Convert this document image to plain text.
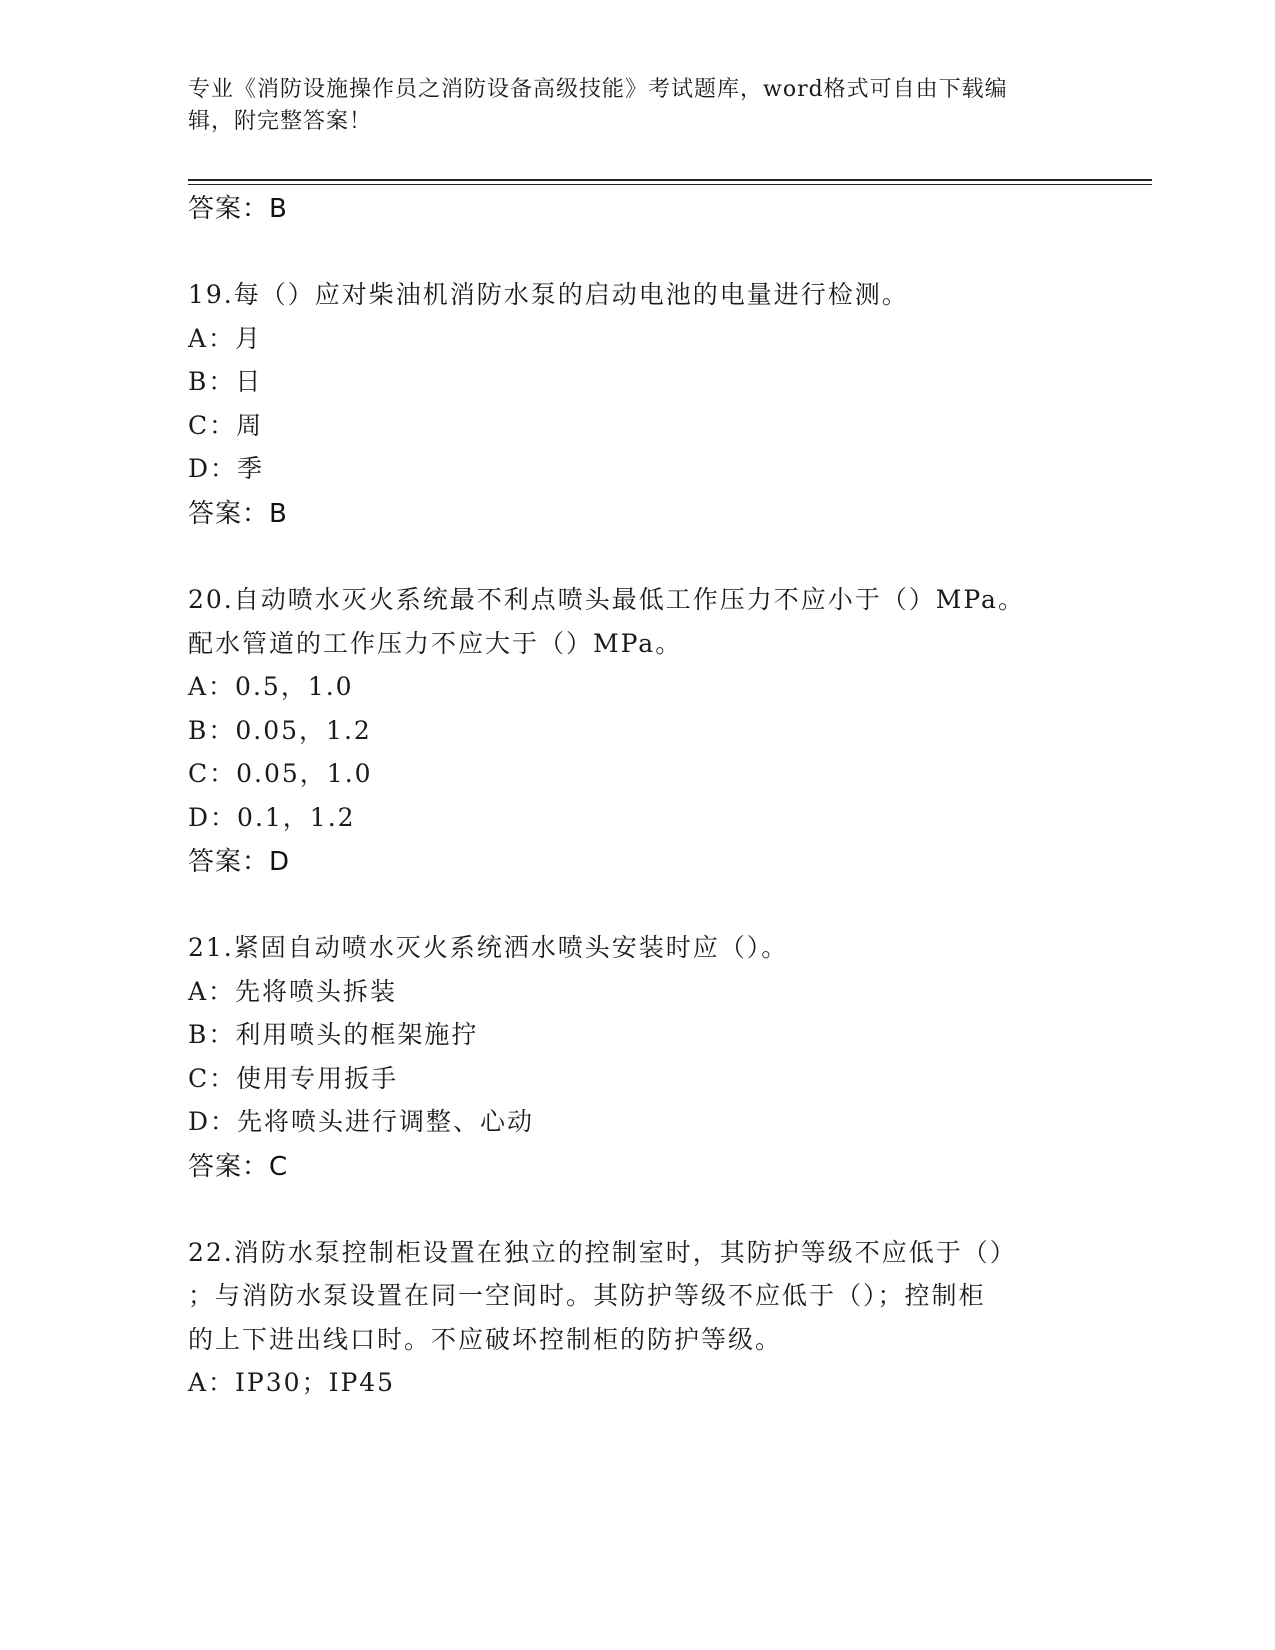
专业《消防设施操作员之消防设备高级技能》考试题库，word格式可自由下载编
辑，附完整答案！
答案：B
19.每（）应对柴油机消防水泵的启动电池的电量进行检测。
A：月
B：日
C：周
D：季
答案：B
20.自动喷水灭火系统最不利点喷头最低工作压力不应小于（）MPa。
配水管道的工作压力不应大于（）MPa。
A：0.5，1.0
B：0.05，1.2
C：0.05，1.0
D：0.1，1.2
答案：D
21.紧固自动喷水灭火系统洒水喷头安装时应（）。
A：先将喷头拆装
B：利用喷头的框架施拧
C：使用专用扳手
D：先将喷头进行调整、心动
答案：C
22.消防水泵控制柜设置在独立的控制室时，其防护等级不应低于（）
；与消防水泵设置在同一空间时。其防护等级不应低于（）；控制柜
的上下进出线口时。不应破坏控制柜的防护等级。
A：IP30；IP45
